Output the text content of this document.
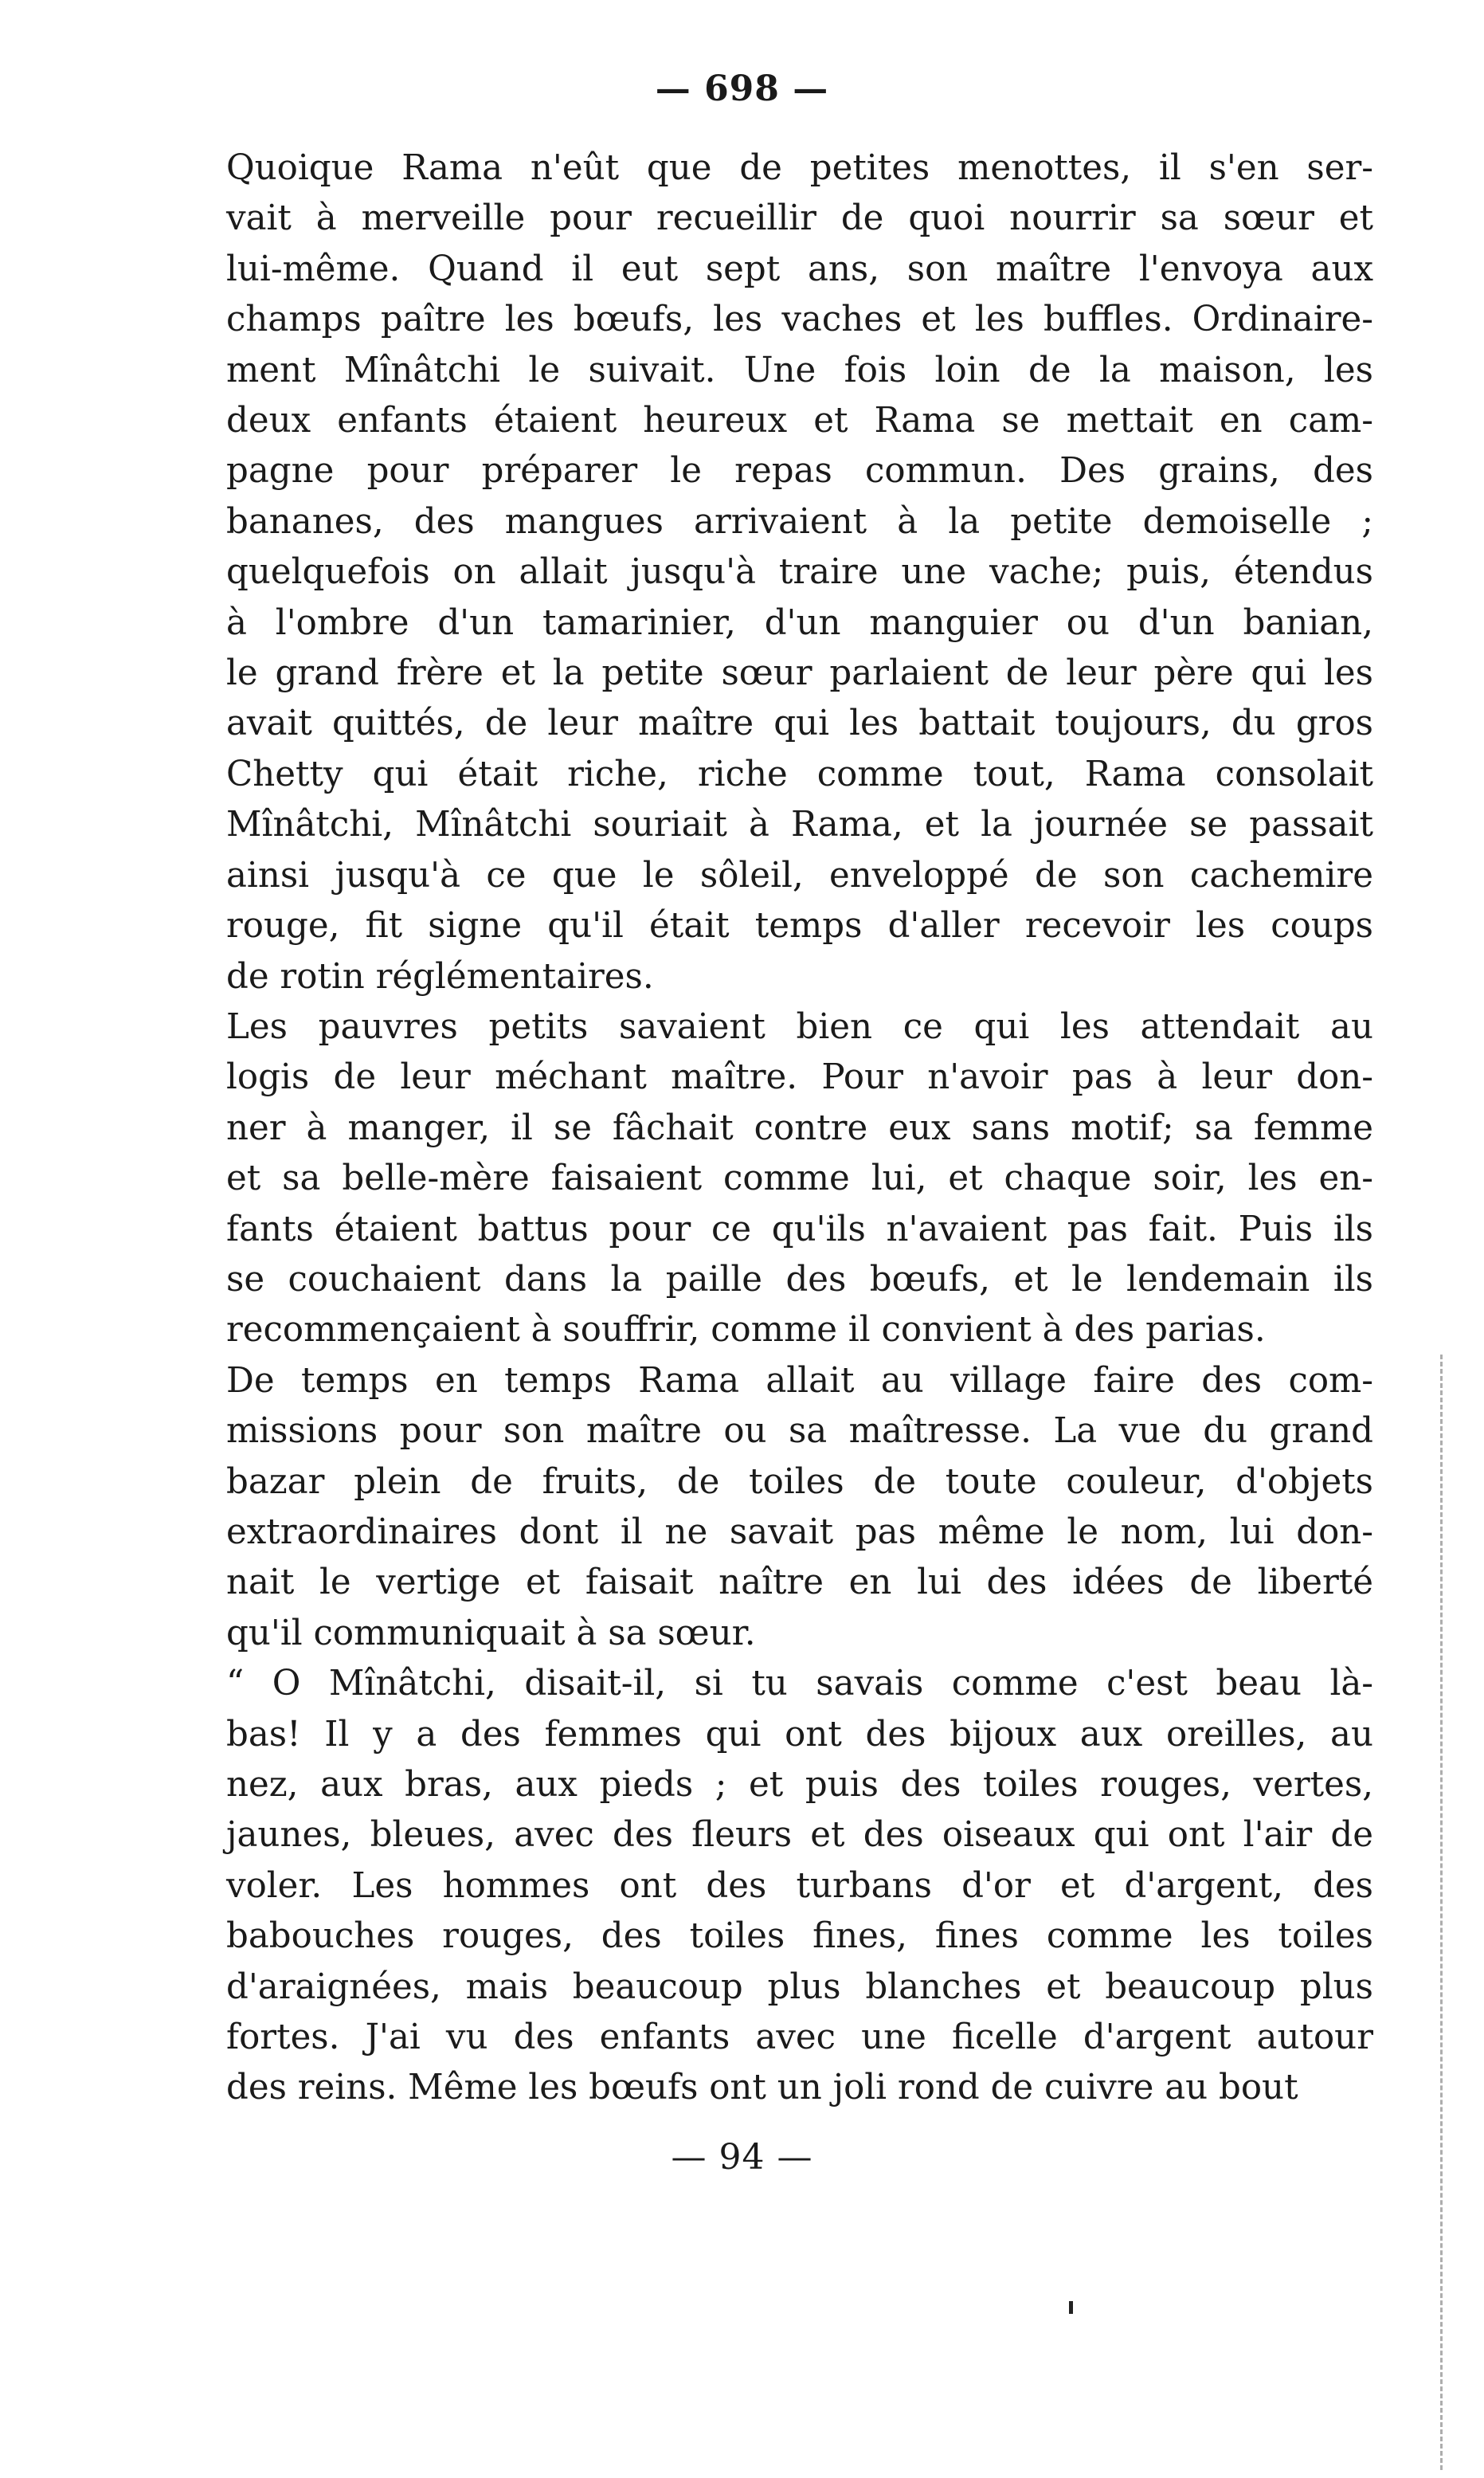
— 698 —
Quoique Rama n'eût que de petites menottes, il s'en ser-
vait à merveille pour recueillir de quoi nourrir sa sœur et
lui-même. Quand il eut sept ans, son maître l'envoya aux
champs paître les bœufs, les vaches et les buffles. Ordinaire-
ment Mînâtchi le suivait. Une fois loin de la maison, les
deux enfants étaient heureux et Rama se mettait en cam-
pagne pour préparer le repas commun. Des grains, des
bananes, des mangues arrivaient à la petite demoiselle ;
quelquefois on allait jusqu'à traire une vache; puis, étendus
à l'ombre d'un tamarinier, d'un manguier ou d'un banian,
le grand frère et la petite sœur parlaient de leur père qui les
avait quittés, de leur maître qui les battait toujours, du gros
Chetty qui était riche, riche comme tout, Rama consolait
Mînâtchi, Mînâtchi souriait à Rama, et la journée se passait
ainsi jusqu'à ce que le sôleil, enveloppé de son cachemire
rouge, fit signe qu'il était temps d'aller recevoir les coups
de rotin réglémentaires.
Les pauvres petits savaient bien ce qui les attendait au
logis de leur méchant maître. Pour n'avoir pas à leur don-
ner à manger, il se fâchait contre eux sans motif; sa femme
et sa belle-mère faisaient comme lui, et chaque soir, les en-
fants étaient battus pour ce qu'ils n'avaient pas fait. Puis ils
se couchaient dans la paille des bœufs, et le lendemain ils
recommençaient à souffrir, comme il convient à des parias.
De temps en temps Rama allait au village faire des com-
missions pour son maître ou sa maîtresse. La vue du grand
bazar plein de fruits, de toiles de toute couleur, d'objets
extraordinaires dont il ne savait pas même le nom, lui don-
nait le vertige et faisait naître en lui des idées de liberté
qu'il communiquait à sa sœur.
“ O Mînâtchi, disait-il, si tu savais comme c'est beau là-
bas! Il y a des femmes qui ont des bijoux aux oreilles, au
nez, aux bras, aux pieds ; et puis des toiles rouges, vertes,
jaunes, bleues, avec des fleurs et des oiseaux qui ont l'air de
voler. Les hommes ont des turbans d'or et d'argent, des
babouches rouges, des toiles fines, fines comme les toiles
d'araignées, mais beaucoup plus blanches et beaucoup plus
fortes. J'ai vu des enfants avec une ficelle d'argent autour
des reins. Même les bœufs ont un joli rond de cuivre au bout
— 94 —
